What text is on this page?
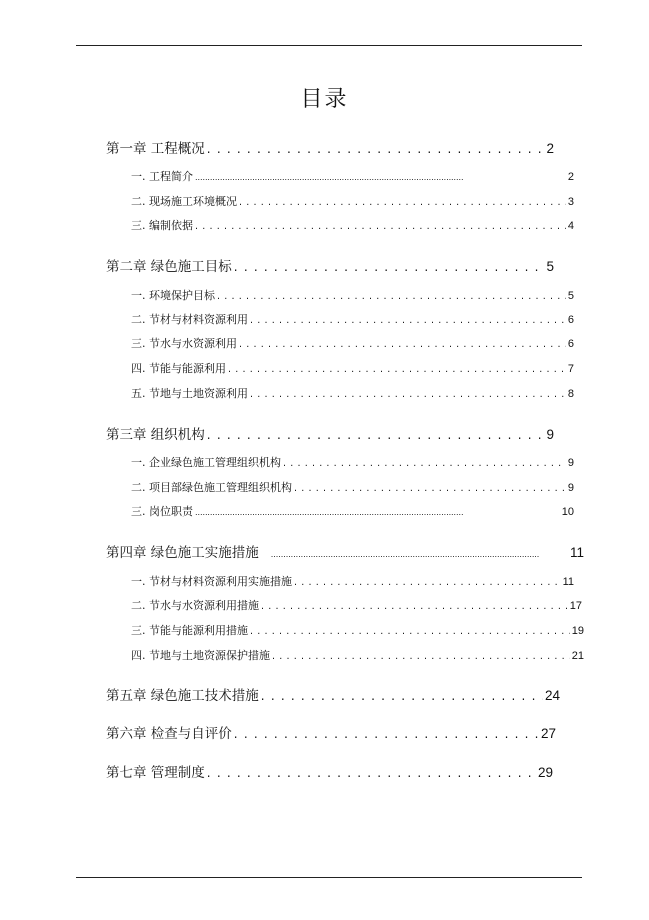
目录
第一章 工程概况 . . .	2
一. 工程简介 . . .	2
二. 现场施工环境概况 . . .	3
三. 编制依据 . . .	4
第二章 绿色施工目标 . . .	5
一. 环境保护目标 . . .	5
二. 节材与材料资源利用 . . .	6
三. 节水与水资源利用 . . .	6
四. 节能与能源利用 . . .	7
五. 节地与土地资源利用 . . .	8
第三章 组织机构 . . .	9
一. 企业绿色施工管理组织机构 . . .	9
二. 项目部绿色施工管理组织机构 . . .	9
三. 岗位职责 . . .	10
第四章 绿色施工实施措施 . . .	11
一. 节材与材料资源利用实施措施 . . .	11
二. 节水与水资源利用措施 . . .	17
三. 节能与能源利用措施 . . .	19
四. 节地与土地资源保护措施 . . .	21
第五章 绿色施工技术措施 . . .	24
第六章 检查与自评价 . . .	27
第七章 管理制度 . . .	29
